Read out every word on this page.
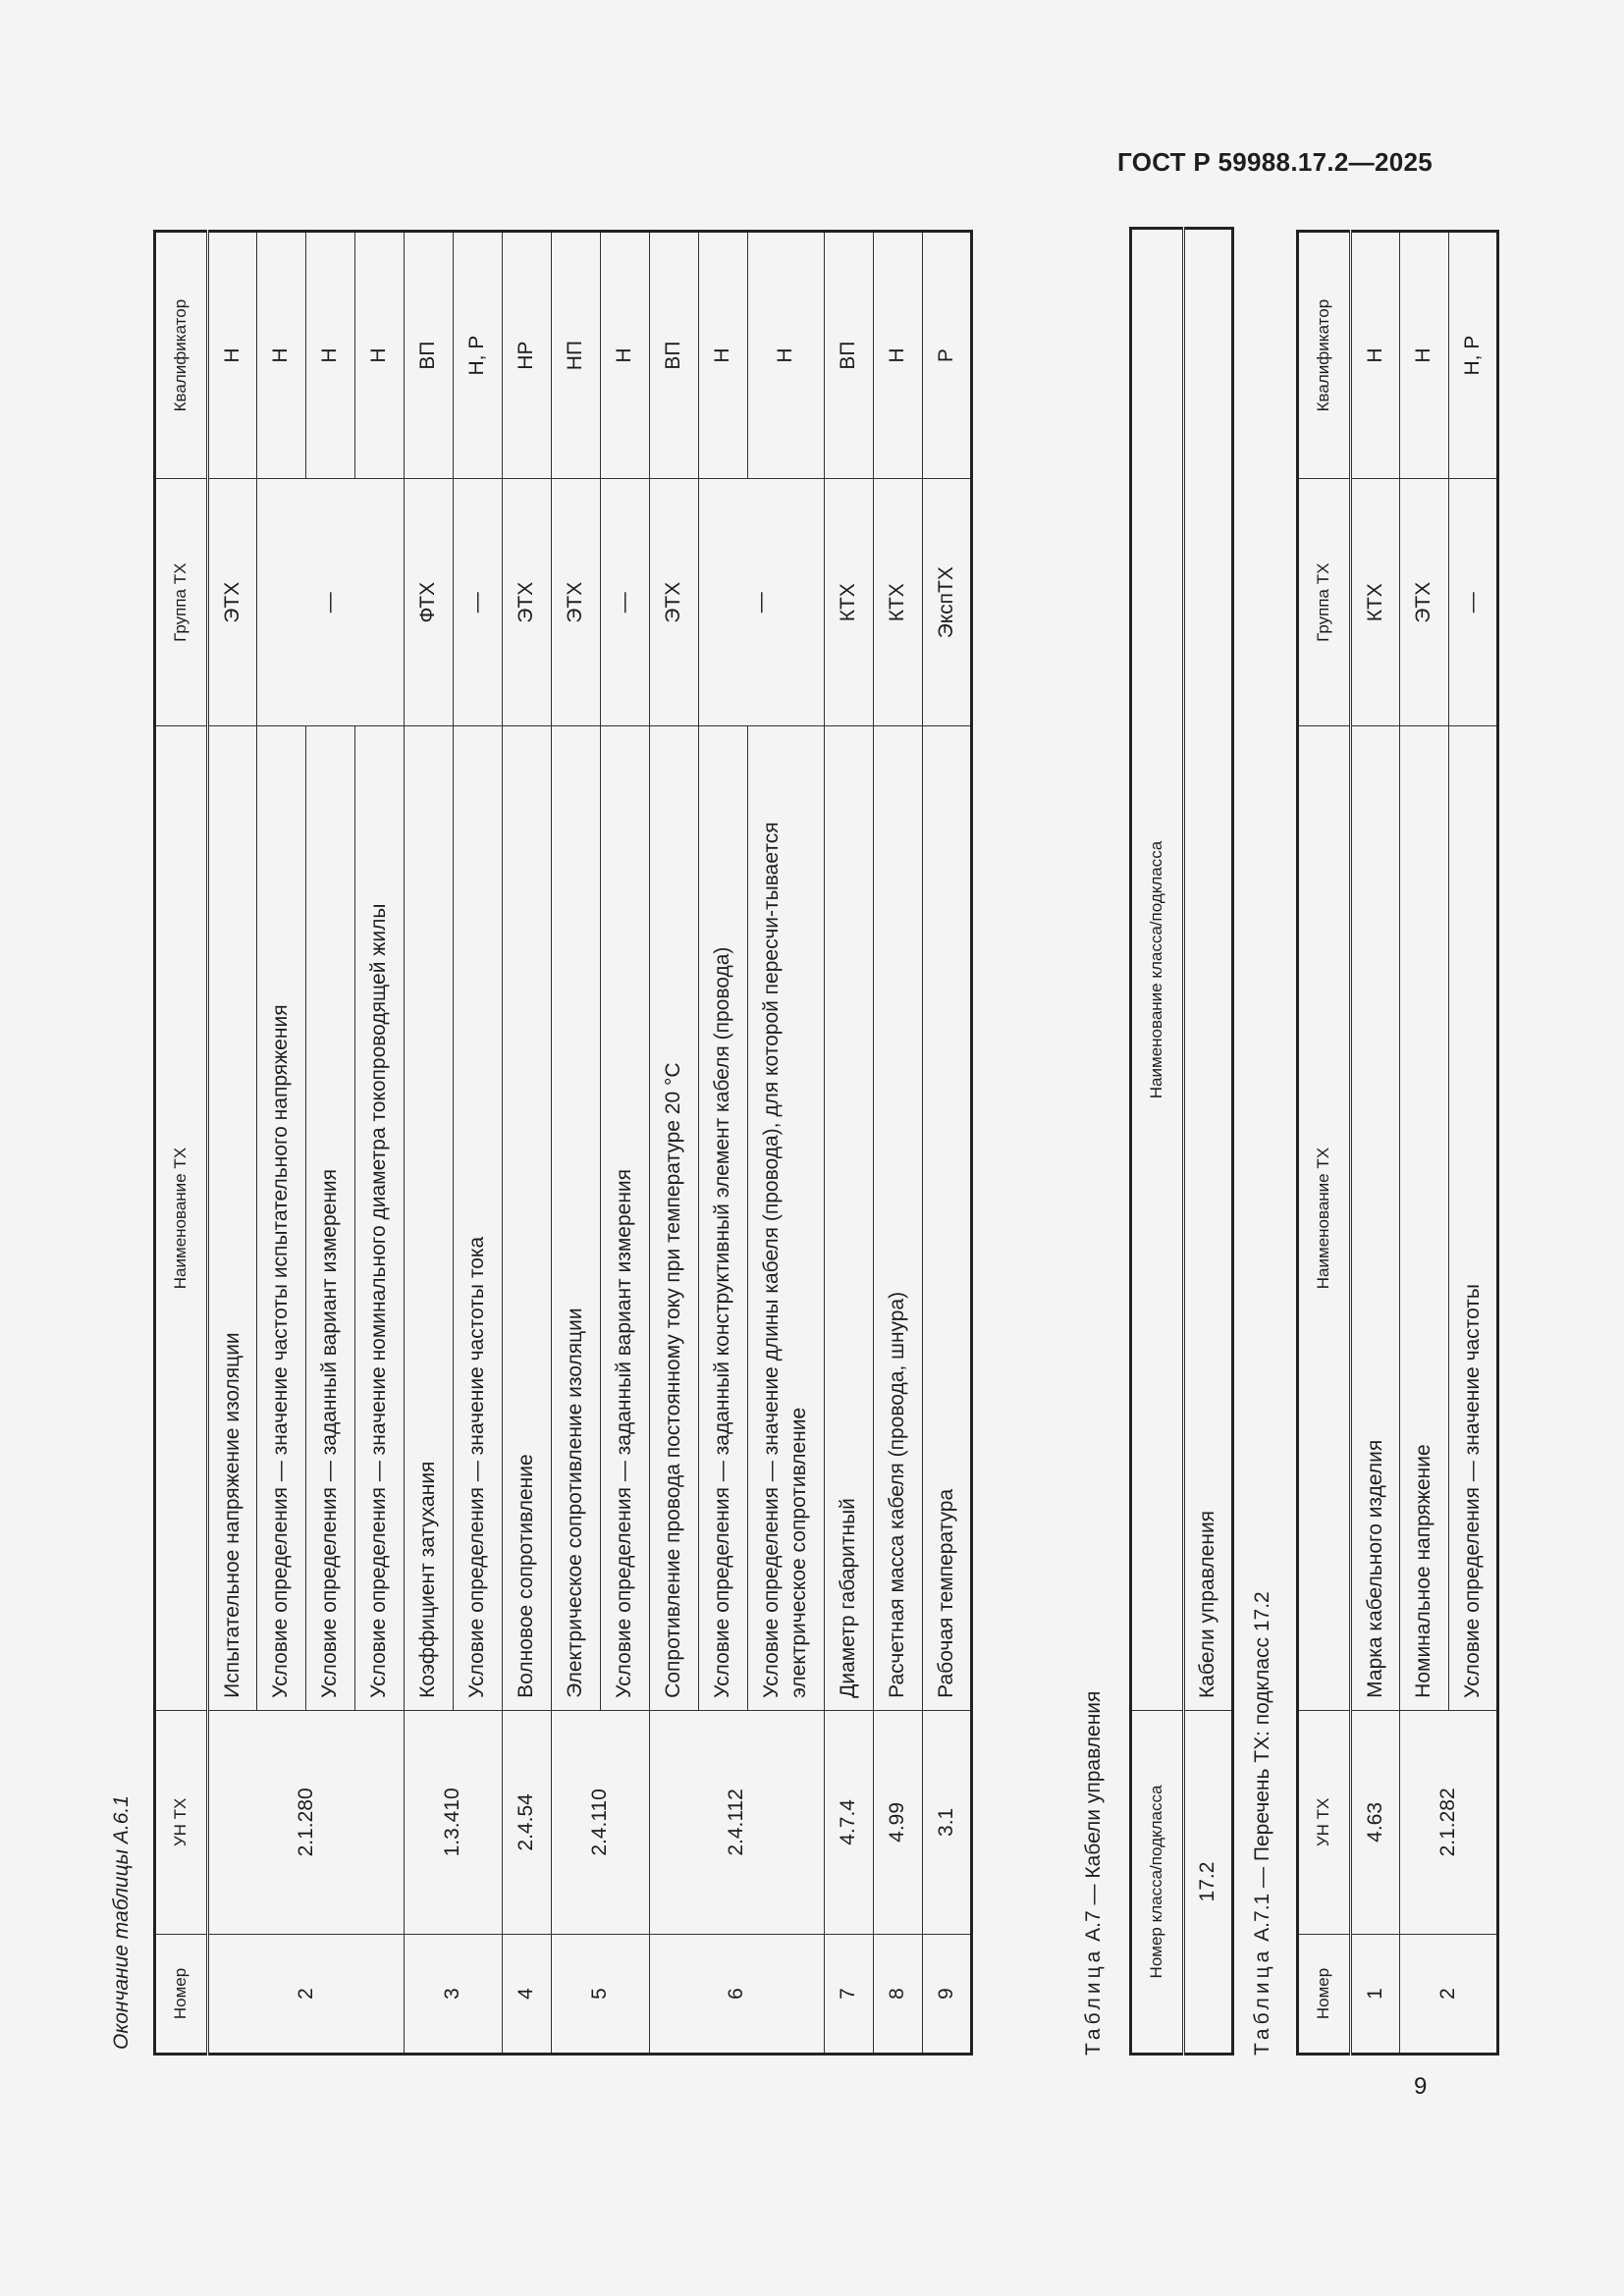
ГОСТ Р 59988.17.2—2025
9
Окончание таблицы А.6.1 Номер	УН ТХ	Наименование ТХ	Группа ТХ	Квалификатор
2	2.1.280	Испытательное напряжение изоляции	ЭТХ	Н
		Условие определения — значение частоты испытательного напряжения	—	Н
		Условие определения — заданный вариант измерения		Н
		Условие определения — значение номинального диаметра токопроводящей жилы		Н
3	1.3.410	Коэффициент затухания	ФТХ	ВП
		Условие определения — значение частоты тока	—	Н, Р
4	2.4.54	Волновое сопротивление	ЭТХ	НР
5	2.4.110	Электрическое сопротивление изоляции	ЭТХ	НП
		Условие определения — заданный вариант измерения	—	Н
6	2.4.112	Сопротивление провода постоянному току при температуре 20 °С	ЭТХ	ВП
		Условие определения — заданный конструктивный элемент кабеля (провода)	—	Н
		Условие определения — значение длины кабеля (провода), для которой пересчи-тывается электрическое сопротивление		Н
7	4.7.4	Диаметр габаритный	КТХ	ВП
8	4.99	Расчетная масса кабеля (провода, шнура)	КТХ	Н
9	3.1	Рабочая температура	ЭкспТХ	Р
Таблица А.7 — Кабели управления	Номер класса/подкласса	Наименование класса/подкласса
17.2	Кабели управления
Таблица А.7.1 — Перечень ТХ: подкласс 17.2
Номер	УН ТХ	Наименование ТХ	Группа ТХ	Квалификатор
1	4.63	Марка кабельного изделия	КТХ	Н
2	2.1.282	Номинальное напряжение	ЭТХ	Н
		Условие определения — значение частоты	—	Н, Р
